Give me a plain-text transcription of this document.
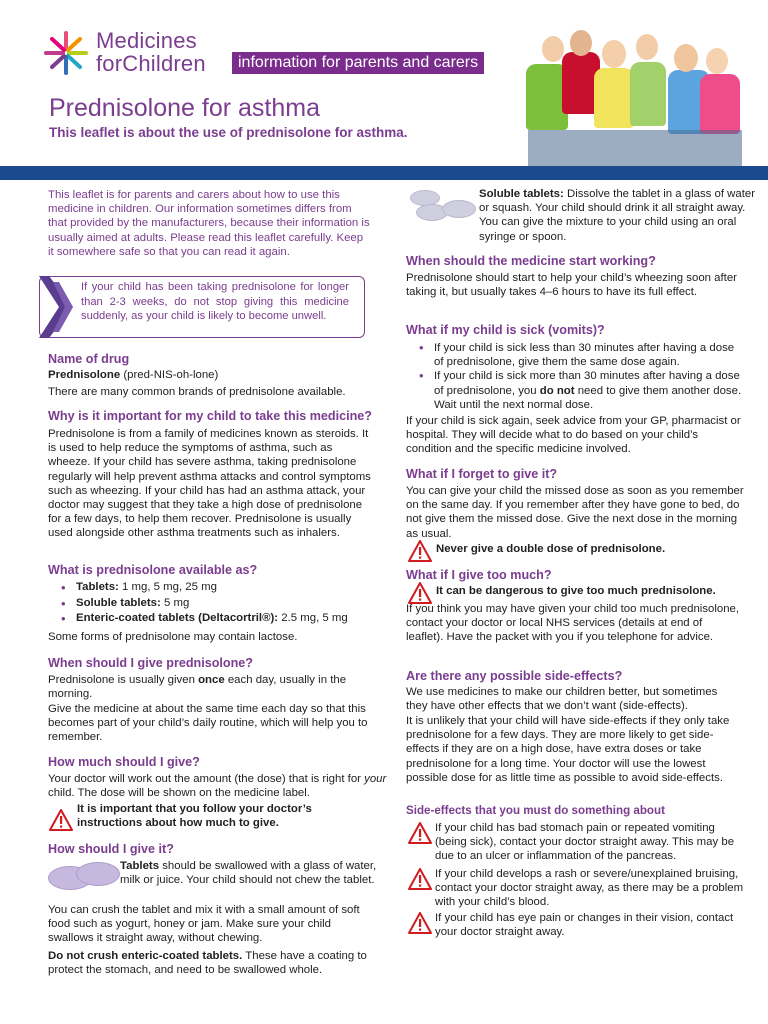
Medicines
forChildren	information for parents and carers
Prednisolone for asthma
This leaflet is about the use of prednisolone for asthma.
This leaflet is for parents and carers about how to use this medicine in children. Our information sometimes differs from that provided by the manufacturers, because their information is usually aimed at adults. Please read this leaflet carefully. Keep it somewhere safe so that you can read it again.
If your child has been taking prednisolone for longer than 2-3 weeks, do not stop giving this medicine suddenly, as your child is likely to become unwell.
Name of drug
Prednisolone (pred-NIS-oh-lone)
There are many common brands of prednisolone available.
Why is it important for my child to take this medicine?
Prednisolone is from a family of medicines known as steroids. It is used to help reduce the symptoms of asthma, such as wheeze. If your child has severe asthma, taking prednisolone regularly will help prevent asthma attacks and control symptoms such as wheezing. If your child has had an asthma attack, your doctor may suggest that they take a high dose of prednisolone for a few days, to help them recover. Prednisolone is usually used alongside other asthma treatments such as inhalers.
What is prednisolone available as?
• Tablets: 1 mg, 5 mg, 25 mg
• Soluble tablets: 5 mg
• Enteric-coated tablets (Deltacortril®): 2.5 mg, 5 mg
Some forms of prednisolone may contain lactose.
When should I give prednisolone?
Prednisolone is usually given once each day, usually in the morning.
Give the medicine at about the same time each day so that this becomes part of your child’s daily routine, which will help you to remember.
How much should I give?
Your doctor will work out the amount (the dose) that is right for your child. The dose will be shown on the medicine label.
It is important that you follow your doctor’s instructions about how much to give.
How should I give it?
Tablets should be swallowed with a glass of water, milk or juice. Your child should not chew the tablet.
You can crush the tablet and mix it with a small amount of soft food such as yogurt, honey or jam. Make sure your child swallows it straight away, without chewing.
Do not crush enteric-coated tablets. These have a coating to protect the stomach, and need to be swallowed whole.
Soluble tablets: Dissolve the tablet in a glass of water or squash. Your child should drink it all straight away. You can give the mixture to your child using an oral syringe or spoon.
When should the medicine start working?
Prednisolone should start to help your child’s wheezing soon after taking it, but usually takes 4–6 hours to have its full effect.
What if my child is sick (vomits)?
• If your child is sick less than 30 minutes after having a dose of prednisolone, give them the same dose again.
• If your child is sick more than 30 minutes after having a dose of prednisolone, you do not need to give them another dose. Wait until the next normal dose.
If your child is sick again, seek advice from your GP, pharmacist or hospital. They will decide what to do based on your child’s condition and the specific medicine involved.
What if I forget to give it?
You can give your child the missed dose as soon as you remember on the same day. If you remember after they have gone to bed, do not give them the missed dose. Give the next dose in the morning as usual.
Never give a double dose of prednisolone.
What if I give too much?
It can be dangerous to give too much prednisolone.
If you think you may have given your child too much prednisolone, contact your doctor or local NHS services (details at end of leaflet). Have the packet with you if you telephone for advice.
Are there any possible side-effects?
We use medicines to make our children better, but sometimes they have other effects that we don’t want (side-effects).
It is unlikely that your child will have side-effects if they only take prednisolone for a few days. They are more likely to get side-effects if they are on a high dose, have extra doses or take prednisolone for a long time. Your doctor will use the lowest possible dose for as little time as possible to avoid side-effects.
Side-effects that you must do something about
If your child has bad stomach pain or repeated vomiting (being sick), contact your doctor straight away. This may be due to an ulcer or inflammation of the pancreas.
If your child develops a rash or severe/unexplained bruising, contact your doctor straight away, as there may be a problem with your child’s blood.
If your child has eye pain or changes in their vision, contact your doctor straight away.
